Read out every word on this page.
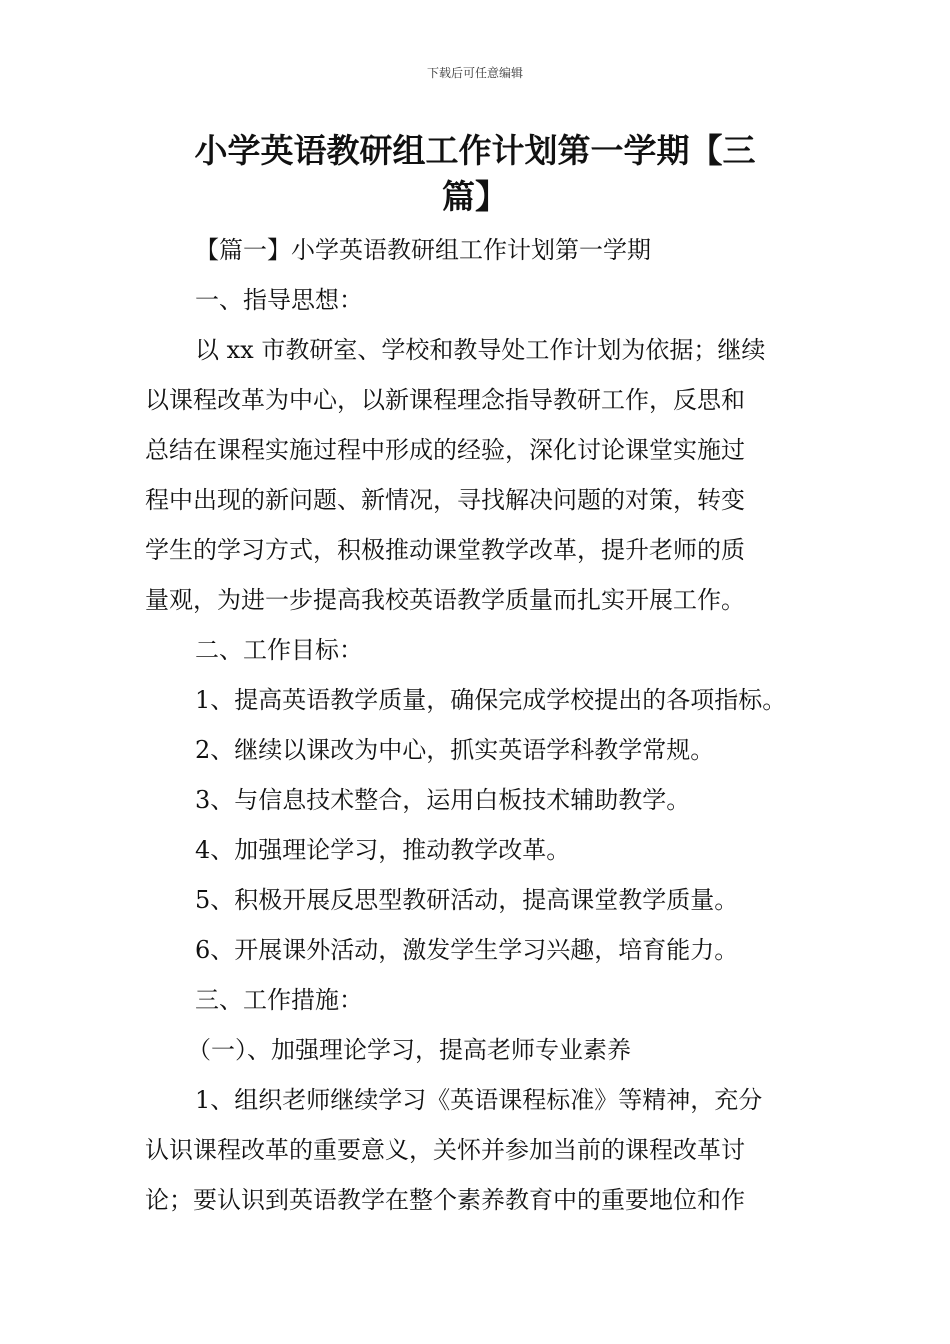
下载后可任意编辑
小学英语教研组工作计划第一学期【三
篇】

【篇一】小学英语教研组工作计划第一学期

一、指导思想：

以 xx 市教研室、学校和教导处工作计划为依据；继续

以课程改革为中心，以新课程理念指导教研工作，反思和

总结在课程实施过程中形成的经验，深化讨论课堂实施过

程中出现的新问题、新情况，寻找解决问题的对策，转变

学生的学习方式，积极推动课堂教学改革，提升老师的质

量观，为进一步提高我校英语教学质量而扎实开展工作。

二、工作目标：

1、提高英语教学质量，确保完成学校提出的各项指标。

2、继续以课改为中心，抓实英语学科教学常规。

3、与信息技术整合，运用白板技术辅助教学。

4、加强理论学习，推动教学改革。

5、积极开展反思型教研活动，提高课堂教学质量。

6、开展课外活动，激发学生学习兴趣，培育能力。

三、工作措施：

（一）、加强理论学习，提高老师专业素养

1、组织老师继续学习《英语课程标准》等精神，充分

认识课程改革的重要意义，关怀并参加当前的课程改革讨

论；要认识到英语教学在整个素养教育中的重要地位和作
